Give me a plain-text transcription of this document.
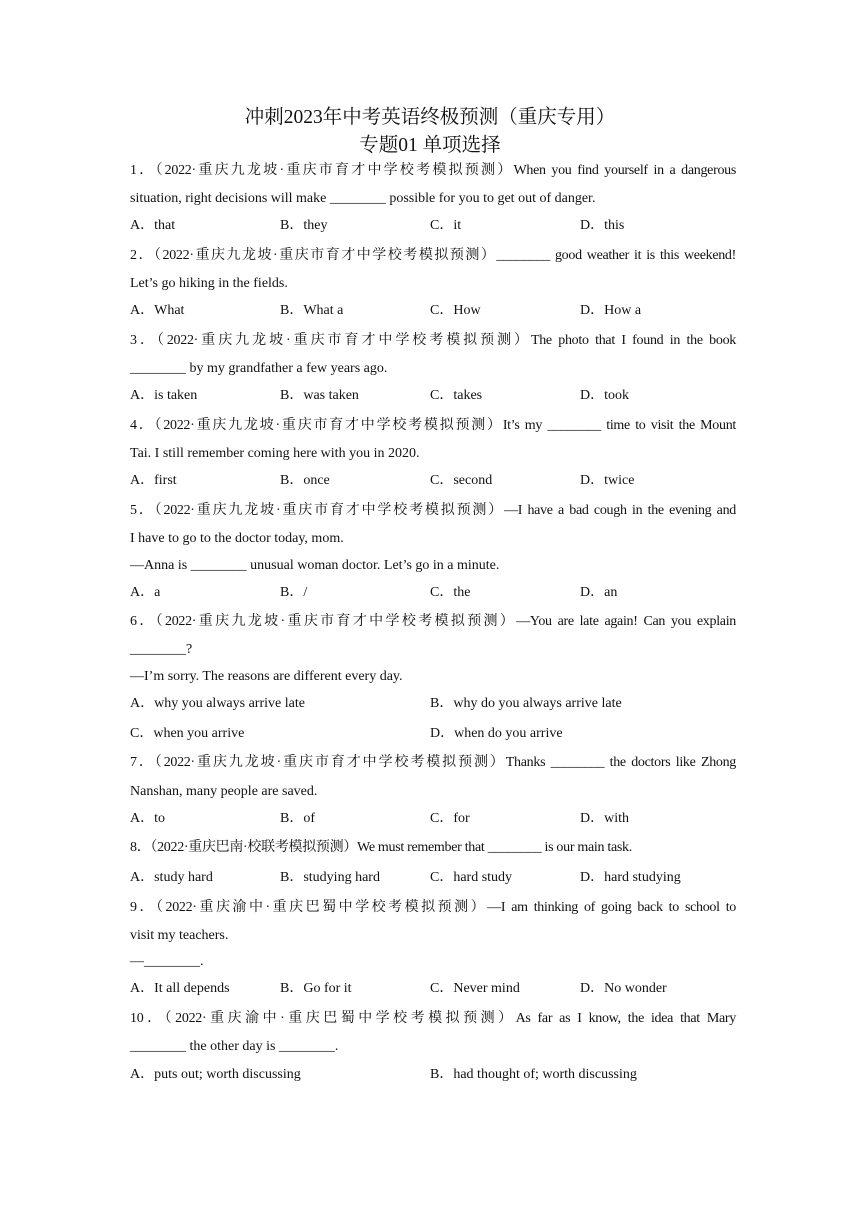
冲刺2023年中考英语终极预测（重庆专用）
专题01 单项选择
1．（2022·重庆九龙坡·重庆市育才中学校考模拟预测）When you find yourself in a dangerous
situation, right decisions will make ________ possible for you to get out of danger.
A．that	B．they	C．it	D．this
2．（2022·重庆九龙坡·重庆市育才中学校考模拟预测）________ good weather it is this weekend!
Let’s go hiking in the fields.
A．What	B．What a	C．How	D．How a
3．（2022·重庆九龙坡·重庆市育才中学校考模拟预测）The photo that I found in the book
________ by my grandfather a few years ago.
A．is taken	B．was taken	C．takes	D．took
4．（2022·重庆九龙坡·重庆市育才中学校考模拟预测）It’s my ________ time to visit the Mount
Tai. I still remember coming here with you in 2020.
A．first	B．once	C．second	D．twice
5．（2022·重庆九龙坡·重庆市育才中学校考模拟预测）—I have a bad cough in the evening and
I have to go to the doctor today, mom.
—Anna is ________ unusual woman doctor. Let’s go in a minute.
A．a	B．/	C．the	D．an
6．（2022·重庆九龙坡·重庆市育才中学校考模拟预测）—You are late again! Can you explain
________?
—I’m sorry. The reasons are different every day.
A．why you always arrive late	B．why do you always arrive late
C．when you arrive	D．when do you arrive
7．（2022·重庆九龙坡·重庆市育才中学校考模拟预测）Thanks ________ the doctors like Zhong
Nanshan, many people are saved.
A．to	B．of	C．for	D．with
8．（2022·重庆巴南·校联考模拟预测）We must remember that ________ is our main task.
A．study hard	B．studying hard	C．hard study	D．hard studying
9．（2022·重庆渝中·重庆巴蜀中学校考模拟预测）—I am thinking of going back to school to
visit my teachers.
—________.
A．It all depends	B．Go for it	C．Never mind	D．No wonder
10．（2022·重庆渝中·重庆巴蜀中学校考模拟预测）As far as I know, the idea that Mary
________ the other day is ________.
A．puts out; worth discussing	B．had thought of; worth discussing
